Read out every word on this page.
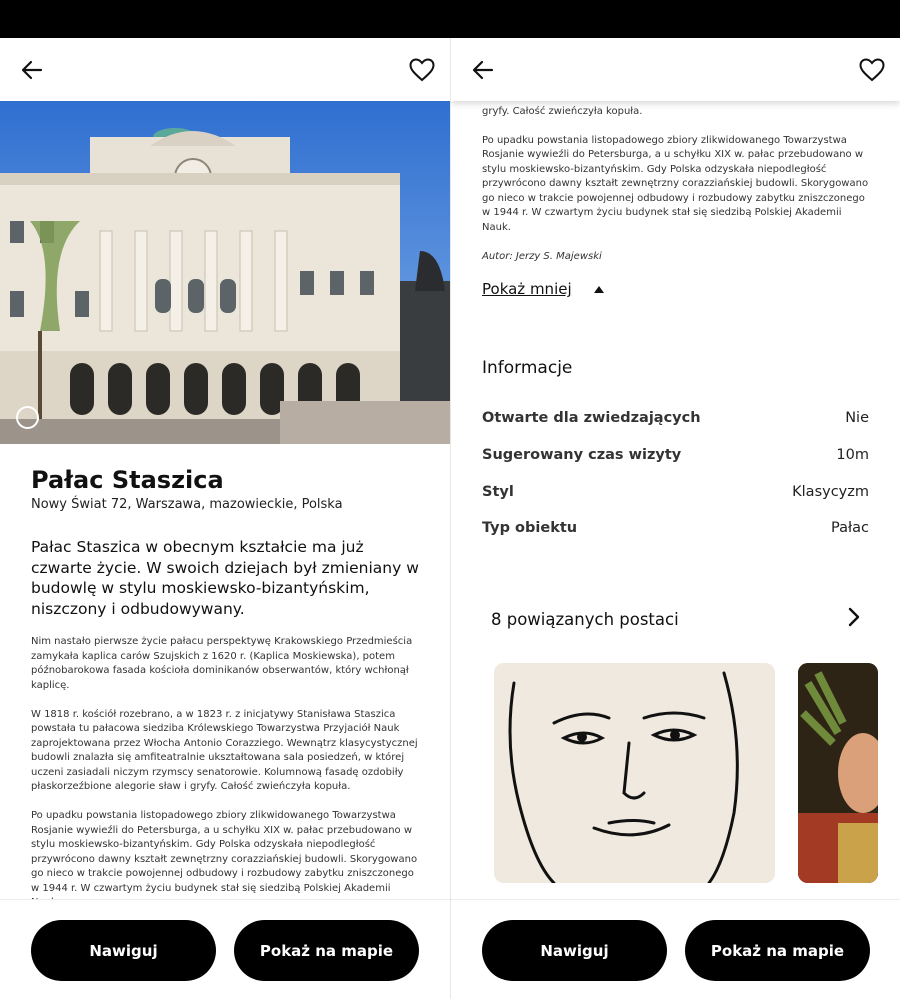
Pałac Staszica
Nowy Świat 72, Warszawa, mazowieckie, Polska
Pałac Staszica w obecnym kształcie ma już czwarte życie. W swoich dziejach był zmieniany w budowlę w stylu moskiewsko-bizantyńskim, niszczony i odbudowywany.

Nim nastało pierwsze życie pałacu perspektywę Krakowskiego Przedmieścia zamykała kaplica carów Szujskich z 1620 r. (Kaplica Moskiewska), potem późnobarokowa fasada kościoła dominikanów obserwantów, który wchłonął kaplicę.

W 1818 r. kościół rozebrano, a w 1823 r. z inicjatywy Stanisława Staszica powstała tu pałacowa siedziba Królewskiego Towarzystwa Przyjaciół Nauk zaprojektowana przez Włocha Antonio Corazziego. Wewnątrz klasycystycznej budowli znalazła się amfiteatralnie ukształtowana sala posiedzeń, w której uczeni zasiadali niczym rzymscy senatorowie. Kolumnową fasadę ozdobiły płaskorzeźbione alegorie sław i gryfy. Całość zwieńczyła kopuła.

Po upadku powstania listopadowego zbiory zlikwidowanego Towarzystwa Rosjanie wywieźli do Petersburga, a u schyłku XIX w. pałac przebudowano w stylu moskiewsko-bizantyńskim. Gdy Polska odzyskała niepodległość przywrócono dawny kształt zewnętrzny corazziańskiej budowli. Skorygowano go nieco w trakcie powojennej odbudowy i rozbudowy zabytku zniszczonego w 1944 r. W czwartym życiu budynek stał się siedzibą Polskiej Akademii

Nawiguj	Pokaż na mapie

gryfy. Całość zwieńczyła kopuła.

Po upadku powstania listopadowego zbiory zlikwidowanego Towarzystwa Rosjanie wywieźli do Petersburga, a u schyłku XIX w. pałac przebudowano w stylu moskiewsko-bizantyńskim. Gdy Polska odzyskała niepodległość przywrócono dawny kształt zewnętrzny corazziańskiej budowli. Skorygowano go nieco w trakcie powojennej odbudowy i rozbudowy zabytku zniszczonego w 1944 r. W czwartym życiu budynek stał się siedzibą Polskiej Akademii Nauk.

Autor: Jerzy S. Majewski

Pokaż mniej
Informacje
Otwarte dla zwiedzających	Nie
Sugerowany czas wizyty	10m
Styl	Klasycyzm
Typ obiektu	Pałac
8 powiązanych postaci
Nawiguj	Pokaż na mapie
